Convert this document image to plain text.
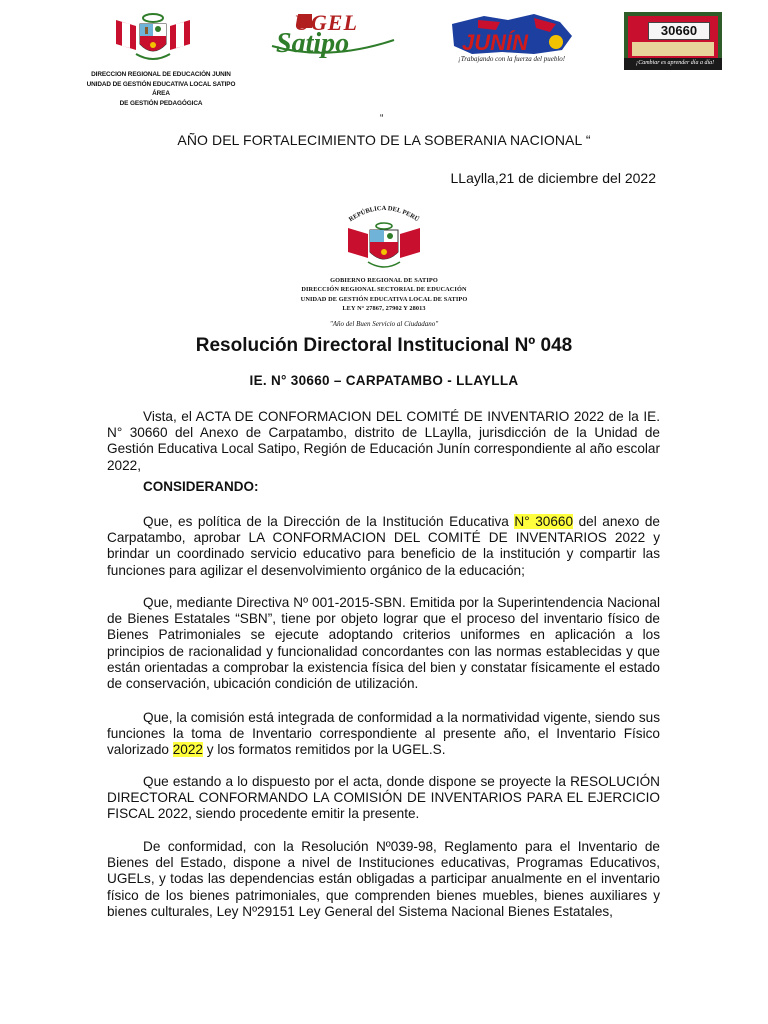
UGEL
Satipo	JUNÍN
¡Trabajando con la fuerza del pueblo!
30660
¡Cambiar es aprender día a día!
DIRECCION REGIONAL DE EDUCACIÓN JUNIN
UNIDAD DE GESTIÓN EDUCATIVA LOCAL SATIPO ÁREA
DE GESTIÓN PEDAGÓGICA
“
AÑO DEL FORTALECIMIENTO DE LA SOBERANIA NACIONAL “
LLaylla,21 de diciembre del 2022
REPÚBLICA DEL PERÚ
GOBIERNO REGIONAL DE SATIPO
DIRECCIÓN REGIONAL SECTORIAL DE EDUCACIÓN
UNIDAD DE GESTIÓN EDUCATIVA LOCAL DE SATIPO
LEY N° 27867, 27902 Y 28013
"Año del Buen Servicio al Ciudadano"
Resolución Directoral Institucional Nº 048
IE. N° 30660 – CARPATAMBO - LLAYLLA
Vista, el ACTA DE CONFORMACION DEL COMITÉ DE INVENTARIO 2022 de la IE. N° 30660 del Anexo de Carpatambo, distrito de LLaylla, jurisdicción de la Unidad de Gestión Educativa Local Satipo, Región de Educación Junín correspondiente al año escolar 2022,
CONSIDERANDO:
Que, es política de la Dirección de la Institución Educativa N° 30660 del anexo de Carpatambo, aprobar LA CONFORMACION DEL COMITÉ DE INVENTARIOS 2022 y brindar un coordinado servicio educativo para beneficio de la institución y compartir las funciones para agilizar el desenvolvimiento orgánico de la educación;
Que, mediante Directiva Nº 001-2015-SBN. Emitida por la Superintendencia Nacional de Bienes Estatales “SBN”, tiene por objeto lograr que el proceso del inventario físico de Bienes Patrimoniales se ejecute adoptando criterios uniformes en aplicación a los principios de racionalidad y funcionalidad concordantes con las normas establecidas y que están orientadas a comprobar la existencia física del bien y constatar físicamente el estado de conservación, ubicación condición de utilización.
Que, la comisión está integrada de conformidad a la normatividad vigente, siendo sus funciones la toma de Inventario correspondiente al presente año, el Inventario Físico valorizado 2022 y los formatos remitidos por la UGEL.S.
Que estando a lo dispuesto por el acta, donde dispone se proyecte la RESOLUCIÓN DIRECTORAL CONFORMANDO LA COMISIÓN DE INVENTARIOS PARA EL EJERCICIO FISCAL 2022, siendo procedente emitir la presente.
De conformidad, con la Resolución Nº039-98, Reglamento para el Inventario de Bienes del Estado, dispone a nivel de Instituciones educativas, Programas Educativos, UGELs, y todas las dependencias están obligadas a participar anualmente en el inventario físico de los bienes patrimoniales, que comprenden bienes muebles, bienes auxiliares y bienes culturales, Ley Nº29151 Ley General del Sistema Nacional Bienes Estatales,
